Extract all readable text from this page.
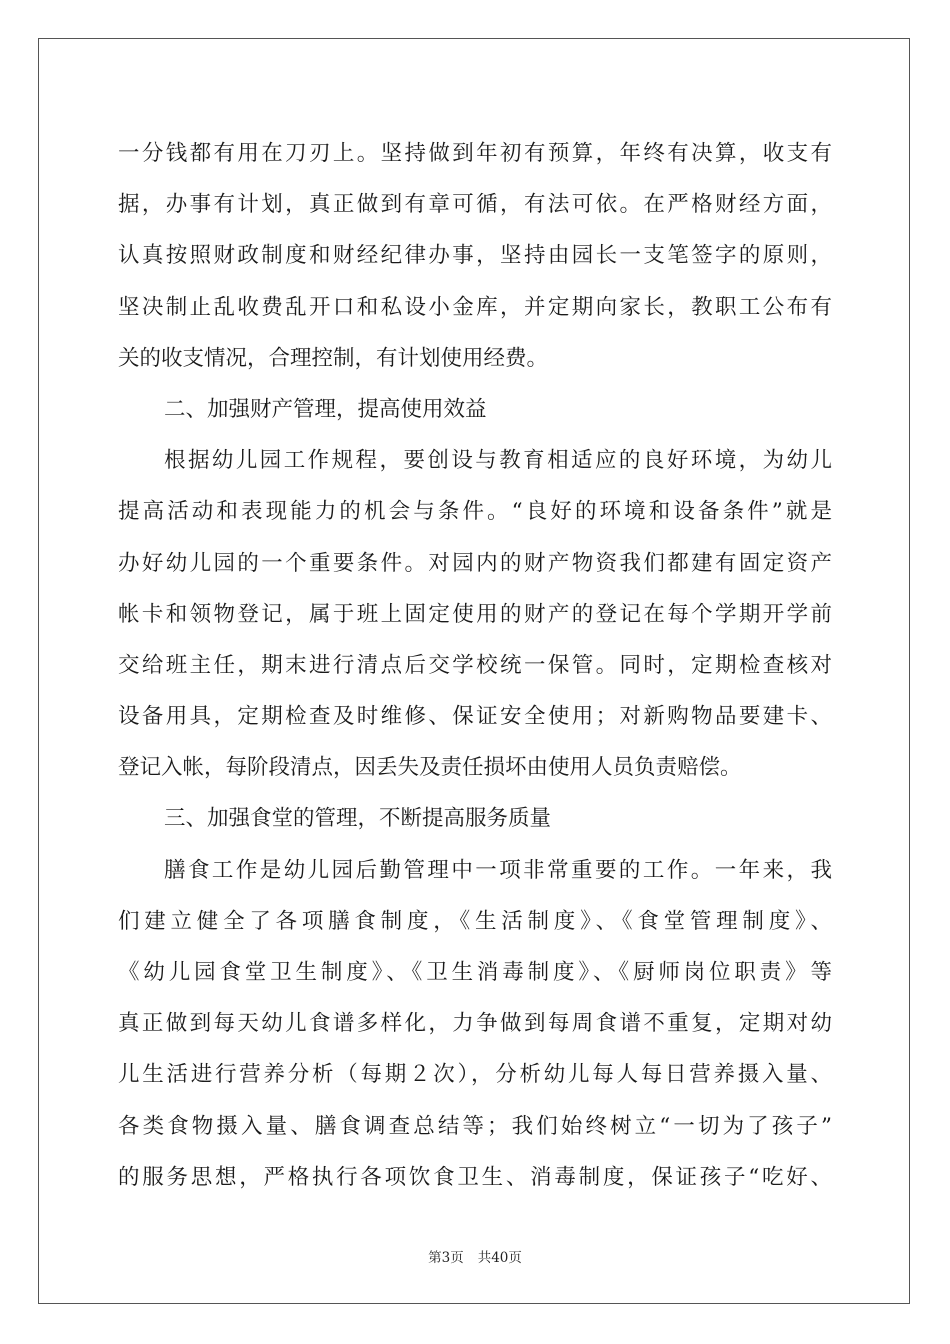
一分钱都有用在刀刃上。坚持做到年初有预算，年终有决算，收支有
据，办事有计划，真正做到有章可循，有法可依。在严格财经方面，
认真按照财政制度和财经纪律办事，坚持由园长一支笔签字的原则，
坚决制止乱收费乱开口和私设小金库，并定期向家长，教职工公布有
关的收支情况，合理控制，有计划使用经费。
二、加强财产管理，提高使用效益
根据幼儿园工作规程，要创设与教育相适应的良好环境，为幼儿
提高活动和表现能力的机会与条件。“良好的环境和设备条件”就是
办好幼儿园的一个重要条件。对园内的财产物资我们都建有固定资产
帐卡和领物登记，属于班上固定使用的财产的登记在每个学期开学前
交给班主任，期末进行清点后交学校统一保管。同时，定期检查核对
设备用具，定期检查及时维修、保证安全使用；对新购物品要建卡、
登记入帐，每阶段清点，因丢失及责任损坏由使用人员负责赔偿。
三、加强食堂的管理，不断提高服务质量
膳食工作是幼儿园后勤管理中一项非常重要的工作。一年来，我
们建立健全了各项膳食制度，《生活制度》、《食堂管理制度》、
《幼儿园食堂卫生制度》、《卫生消毒制度》、《厨师岗位职责》等
真正做到每天幼儿食谱多样化，力争做到每周食谱不重复，定期对幼
儿生活进行营养分析（每期２次），分析幼儿每人每日营养摄入量、
各类食物摄入量、膳食调查总结等；我们始终树立“一切为了孩子”
的服务思想，严格执行各项饮食卫生、消毒制度，保证孩子“吃好、
第3页 共40页
